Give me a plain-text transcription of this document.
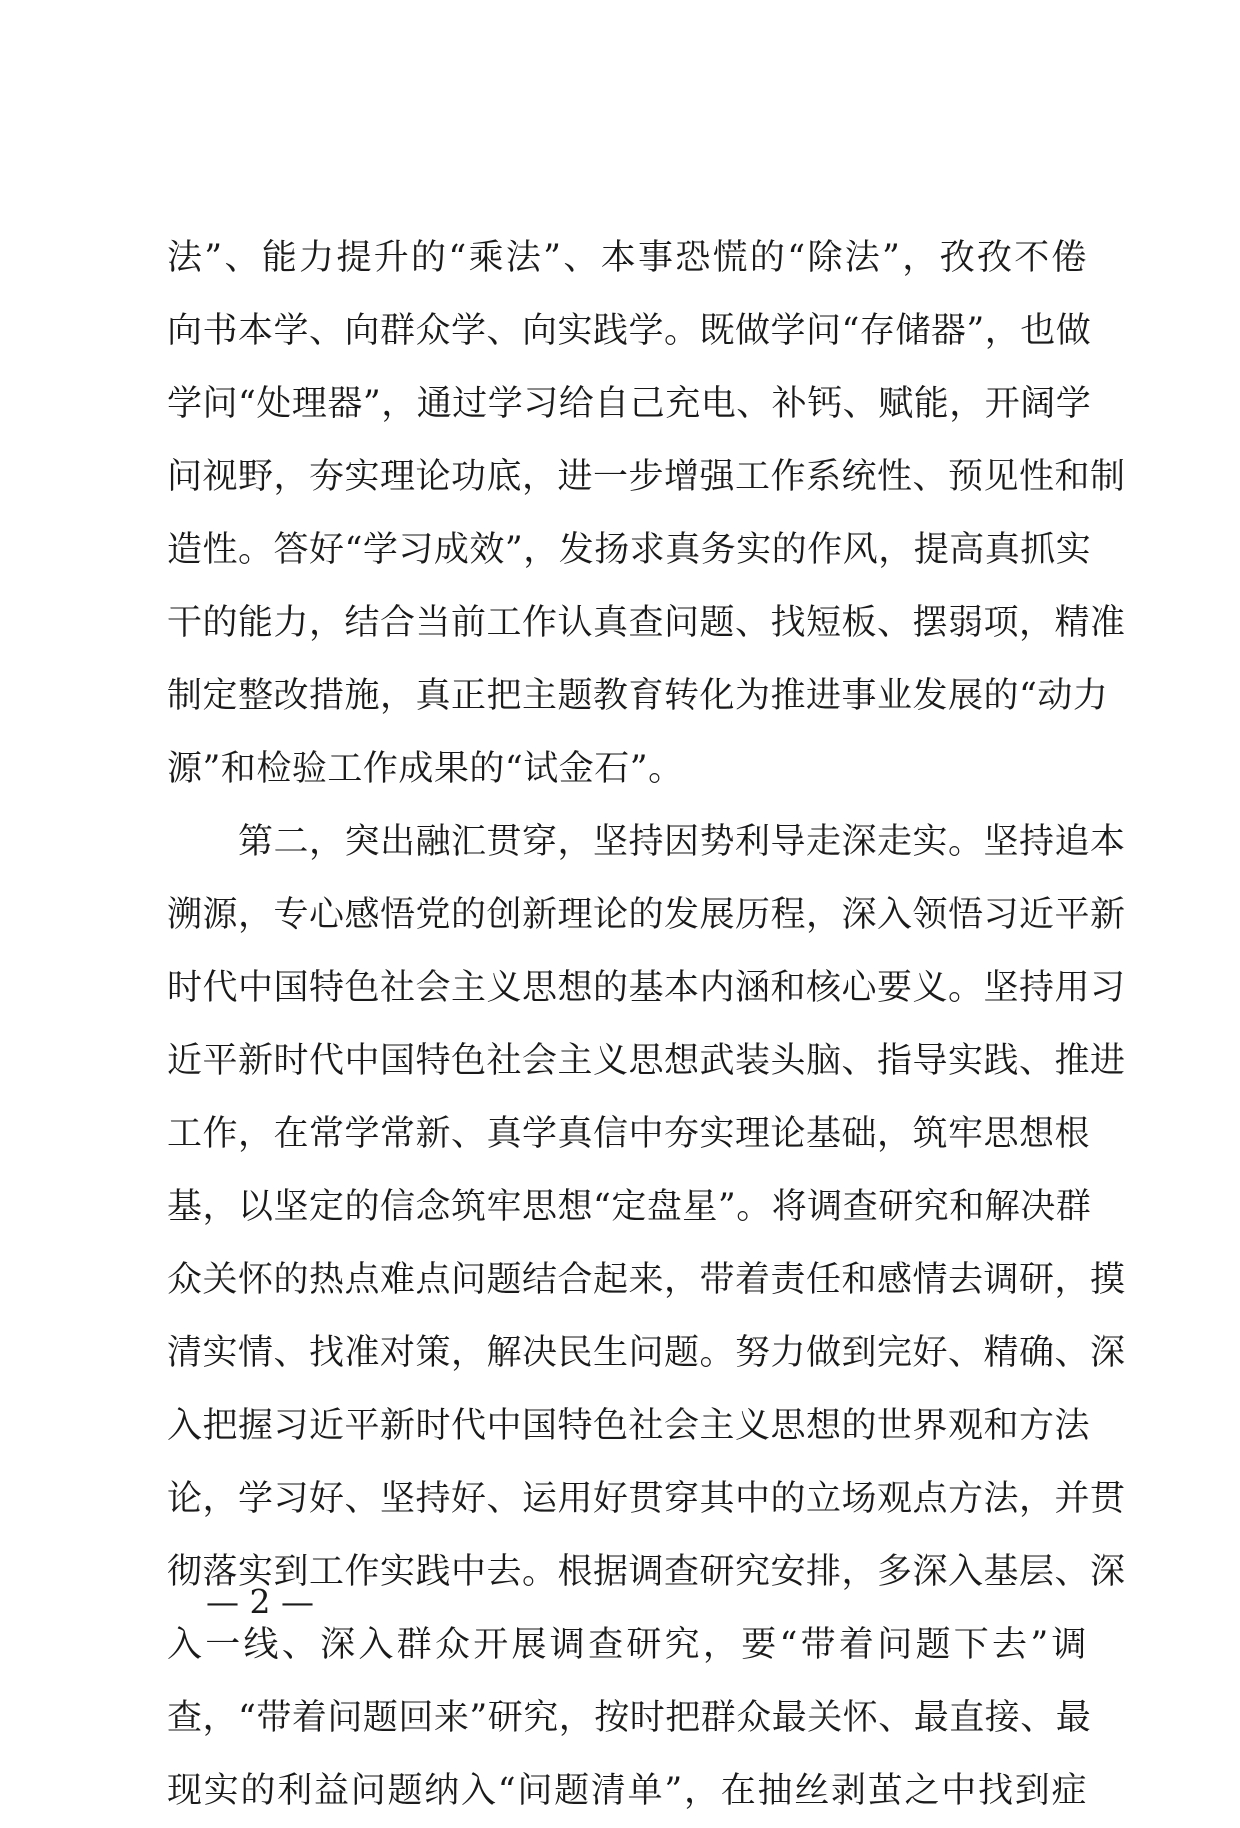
法”、能力提升的“乘法”、本事恐慌的“除法”，孜孜不倦
向书本学、向群众学、向实践学。既做学问“存储器”，也做
学问“处理器”，通过学习给自己充电、补钙、赋能，开阔学
问视野，夯实理论功底，进一步增强工作系统性、预见性和制
造性。答好“学习成效”，发扬求真务实的作风，提高真抓实
干的能力，结合当前工作认真查问题、找短板、摆弱项，精准
制定整改措施，真正把主题教育转化为推进事业发展的“动力
源”和检验工作成果的“试金石”。
　　第二，突出融汇贯穿，坚持因势利导走深走实。坚持追本
溯源，专心感悟党的创新理论的发展历程，深入领悟习近平新
时代中国特色社会主义思想的基本内涵和核心要义。坚持用习
近平新时代中国特色社会主义思想武装头脑、指导实践、推进
工作，在常学常新、真学真信中夯实理论基础，筑牢思想根
基，以坚定的信念筑牢思想“定盘星”。将调查研究和解决群
众关怀的热点难点问题结合起来，带着责任和感情去调研，摸
清实情、找准对策，解决民生问题。努力做到完好、精确、深
入把握习近平新时代中国特色社会主义思想的世界观和方法
论，学习好、坚持好、运用好贯穿其中的立场观点方法，并贯
彻落实到工作实践中去。根据调查研究安排，多深入基层、深
入一线、深入群众开展调查研究，要“带着问题下去”调
查，“带着问题回来”研究，按时把群众最关怀、最直接、最
现实的利益问题纳入“问题清单”，在抽丝剥茧之中找到症
— 2 —
